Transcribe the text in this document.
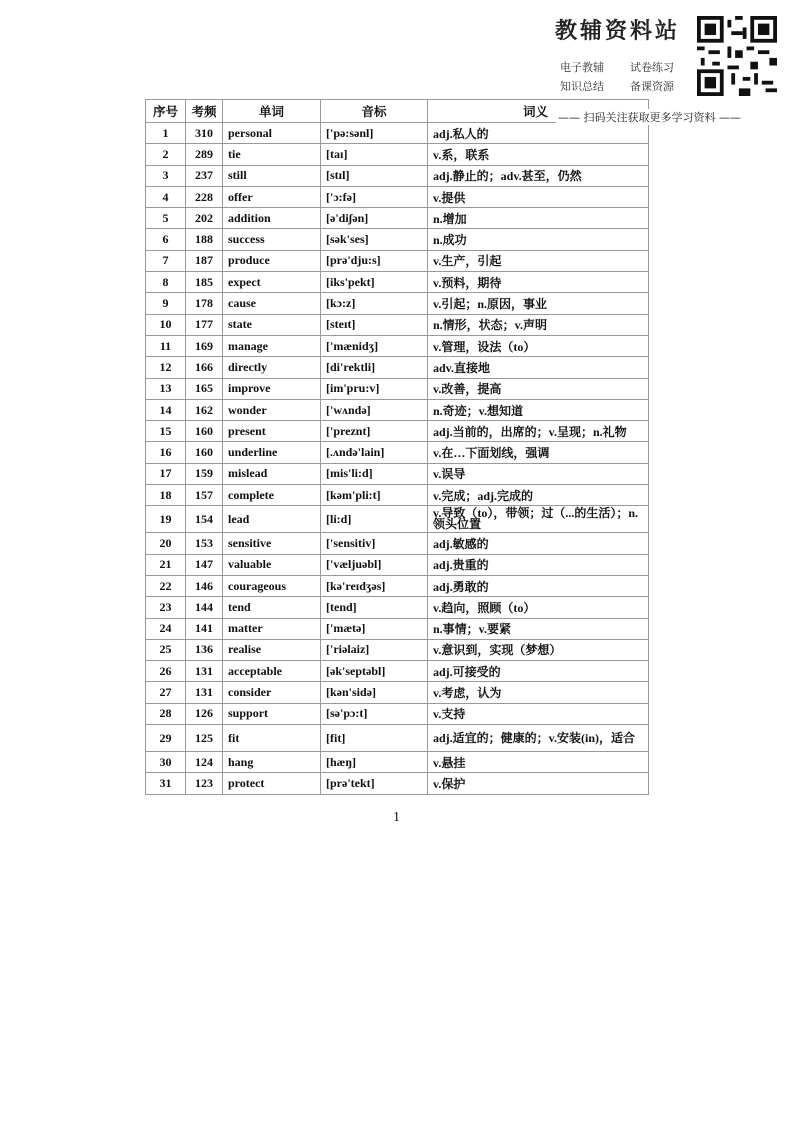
教辅资料站
电子教辅 试卷练习
知识总结 备课资源
序号	考频	单词	音标	词义
1	310	personal	['pə:sənl]	adj.私人的
2	289	tie	[taɪ]	v.系，联系
3	237	still	[stɪl]	adj.静止的；adv.甚至，仍然
4	228	offer	['ɔ:fə]	v.提供
5	202	addition	[ə'diʃən]	n.增加
6	188	success	[sək'ses]	n.成功
7	187	produce	[prə'dju:s]	v.生产，引起
8	185	expect	[iks'pekt]	v.预料，期待
9	178	cause	[kɔ:z]	v.引起；n.原因，事业
10	177	state	[steɪt]	n.情形，状态；v.声明
11	169	manage	['mænidʒ]	v.管理，设法（to）
12	166	directly	[di'rektli]	adv.直接地
13	165	improve	[im'pru:v]	v.改善，提高
14	162	wonder	['wʌndə]	n.奇迹；v.想知道
15	160	present	['preznt]	adj.当前的，出席的；v.呈现；n.礼物
16	160	underline	[.ʌndə'lain]	v.在…下面划线，强调
17	159	mislead	[mis'li:d]	v.误导
18	157	complete	[kəm'pli:t]	v.完成；adj.完成的
19	154	lead	[li:d]	v.导致（to），带领；过（...的生活）；n.领头位置
20	153	sensitive	['sensitiv]	adj.敏感的
21	147	valuable	['væljuəbl]	adj.贵重的
22	146	courageous	[kə'reɪdʒəs]	adj.勇敢的
23	144	tend	[tend]	v.趋向，照顾（to）
24	141	matter	['mætə]	n.事情；v.要紧
25	136	realise	['riəlaiz]	v.意识到，实现（梦想）
26	131	acceptable	[ək'septəbl]	adj.可接受的
27	131	consider	[kən'sidə]	v.考虑，认为
28	126	support	[sə'pɔ:t]	v.支持
29	125	fit	[fit]	adj.适宜的；健康的；v.安装(in)，适合
30	124	hang	[hæŋ]	v.悬挂
31	123	protect	[prə'tekt]	v.保护
—— 扫码关注获取更多学习资料 ——
1
